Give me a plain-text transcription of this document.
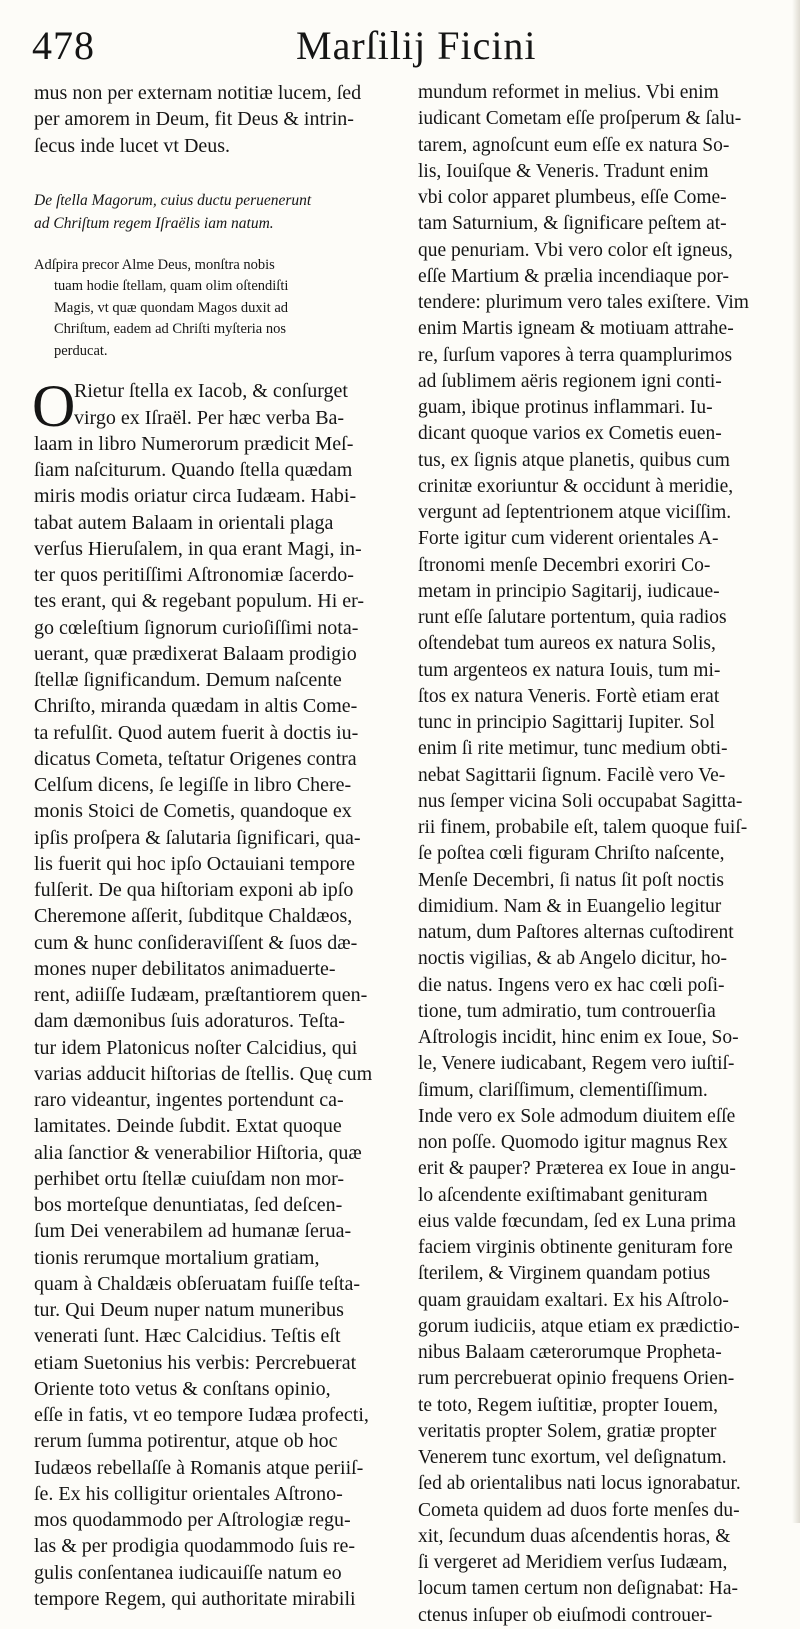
478	Marſilij Ficini
mus non per externam notitiæ lucem, ſed
per amorem in Deum, fit Deus & intrin-
ſecus inde lucet vt Deus.
De ſtella Magorum, cuius ductu peruenerunt
ad Chriſtum regem Iſraëlis iam natum.
Adſpira precor Alme Deus, monſtra nobis
tuam hodie ſtellam, quam olim oſtendiſti
Magis, vt quæ quondam Magos duxit ad
Chriſtum, eadem ad Chriſti myſteria nos
perducat.
O
Rietur ſtella ex Iacob, & conſurget
virgo ex Iſraël. Per hæc verba Ba-
laam in libro Numerorum prædicit Meſ-
ſiam naſciturum. Quando ſtella quædam
miris modis oriatur circa Iudæam. Habi-
tabat autem Balaam in orientali plaga
verſus Hieruſalem, in qua erant Magi, in-
ter quos peritiſſimi Aſtronomiæ ſacerdo-
tes erant, qui & regebant populum. Hi er-
go cœleſtium ſignorum curioſiſſimi nota-
uerant, quæ prædixerat Balaam prodigio
ſtellæ ſignificandum. Demum naſcente
Chriſto, miranda quædam in altis Come-
ta refulſit. Quod autem fuerit à doctis iu-
dicatus Cometa, teſtatur Origenes contra
Celſum dicens, ſe legiſſe in libro Chere-
monis Stoici de Cometis, quandoque ex
ipſis proſpera & ſalutaria ſignificari, qua-
lis fuerit qui hoc ipſo Octauiani tempore
fulſerit. De qua hiſtoriam exponi ab ipſo
Cheremone aſſerit, ſubditque Chaldæos,
cum & hunc conſideraviſſent & ſuos dæ-
mones nuper debilitatos animaduerte-
rent, adiiſſe Iudæam, præſtantiorem quen-
dam dæmonibus ſuis adoraturos. Teſta-
tur idem Platonicus noſter Calcidius, qui
varias adducit hiſtorias de ſtellis. Quę cum
raro videantur, ingentes portendunt ca-
lamitates. Deinde ſubdit. Extat quoque
alia ſanctior & venerabilior Hiſtoria, quæ
perhibet ortu ſtellæ cuiuſdam non mor-
bos morteſque denuntiatas, ſed deſcen-
ſum Dei venerabilem ad humanæ ſerua-
tionis rerumque mortalium gratiam,
quam à Chaldæis obſeruatam fuiſſe teſta-
tur. Qui Deum nuper natum muneribus
venerati ſunt. Hæc Calcidius. Teſtis eſt
etiam Suetonius his verbis: Percrebuerat
Oriente toto vetus & conſtans opinio,
eſſe in fatis, vt eo tempore Iudæa profecti,
rerum ſumma potirentur, atque ob hoc
Iudæos rebellaſſe à Romanis atque periiſ-
ſe. Ex his colligitur orientales Aſtrono-
mos quodammodo per Aſtrologiæ regu-
las & per prodigia quodammodo ſuis re-
gulis conſentanea iudicauiſſe natum eo
tempore Regem, qui authoritate mirabili
mundum reformet in melius. Vbi enim
iudicant Cometam eſſe proſperum & ſalu-
tarem, agnoſcunt eum eſſe ex natura So-
lis, Iouiſque & Veneris. Tradunt enim
vbi color apparet plumbeus, eſſe Come-
tam Saturnium, & ſignificare peſtem at-
que penuriam. Vbi vero color eſt igneus,
eſſe Martium & prælia incendiaque por-
tendere: plurimum vero tales exiſtere. Vim
enim Martis igneam & motiuam attrahe-
re, ſurſum vapores à terra quamplurimos
ad ſublimem aëris regionem igni conti-
guam, ibique protinus inflammari. Iu-
dicant quoque varios ex Cometis euen-
tus, ex ſignis atque planetis, quibus cum
crinitæ exoriuntur & occidunt à meridie,
vergunt ad ſeptentrionem atque viciſſim.
Forte igitur cum viderent orientales A-
ſtronomi menſe Decembri exoriri Co-
metam in principio Sagitarij, iudicaue-
runt eſſe ſalutare portentum, quia radios
oſtendebat tum aureos ex natura Solis,
tum argenteos ex natura Iouis, tum mi-
ſtos ex natura Veneris. Fortè etiam erat
tunc in principio Sagittarij Iupiter. Sol
enim ſi rite metimur, tunc medium obti-
nebat Sagittarii ſignum. Facilè vero Ve-
nus ſemper vicina Soli occupabat Sagitta-
rii finem, probabile eſt, talem quoque fuiſ-
ſe poſtea cœli figuram Chriſto naſcente,
Menſe Decembri, ſi natus ſit poſt noctis
dimidium. Nam & in Euangelio legitur
natum, dum Paſtores alternas cuſtodirent
noctis vigilias, & ab Angelo dicitur, ho-
die natus. Ingens vero ex hac cœli poſi-
tione, tum admiratio, tum controuerſia
Aſtrologis incidit, hinc enim ex Ioue, So-
le, Venere iudicabant, Regem vero iuſtiſ-
ſimum, clariſſimum, clementiſſimum.
Inde vero ex Sole admodum diuitem eſſe
non poſſe. Quomodo igitur magnus Rex
erit & pauper? Præterea ex Ioue in angu-
lo aſcendente exiſtimabant genituram
eius valde fœcundam, ſed ex Luna prima
faciem virginis obtinente genituram fore
ſterilem, & Virginem quandam potius
quam grauidam exaltari. Ex his Aſtrolo-
gorum iudiciis, atque etiam ex prædictio-
nibus Balaam cæterorumque Propheta-
rum percrebuerat opinio frequens Orien-
te toto, Regem iuſtitiæ, propter Iouem,
veritatis propter Solem, gratiæ propter
Venerem tunc exortum, vel deſignatum.
ſed ab orientalibus nati locus ignorabatur.
Cometa quidem ad duos forte menſes du-
xit, ſecundum duas aſcendentis horas, &
ſi vergeret ad Meridiem verſus Iudæam,
locum tamen certum non deſignabat: Ha-
ctenus inſuper ob eiuſmodi controuer-
